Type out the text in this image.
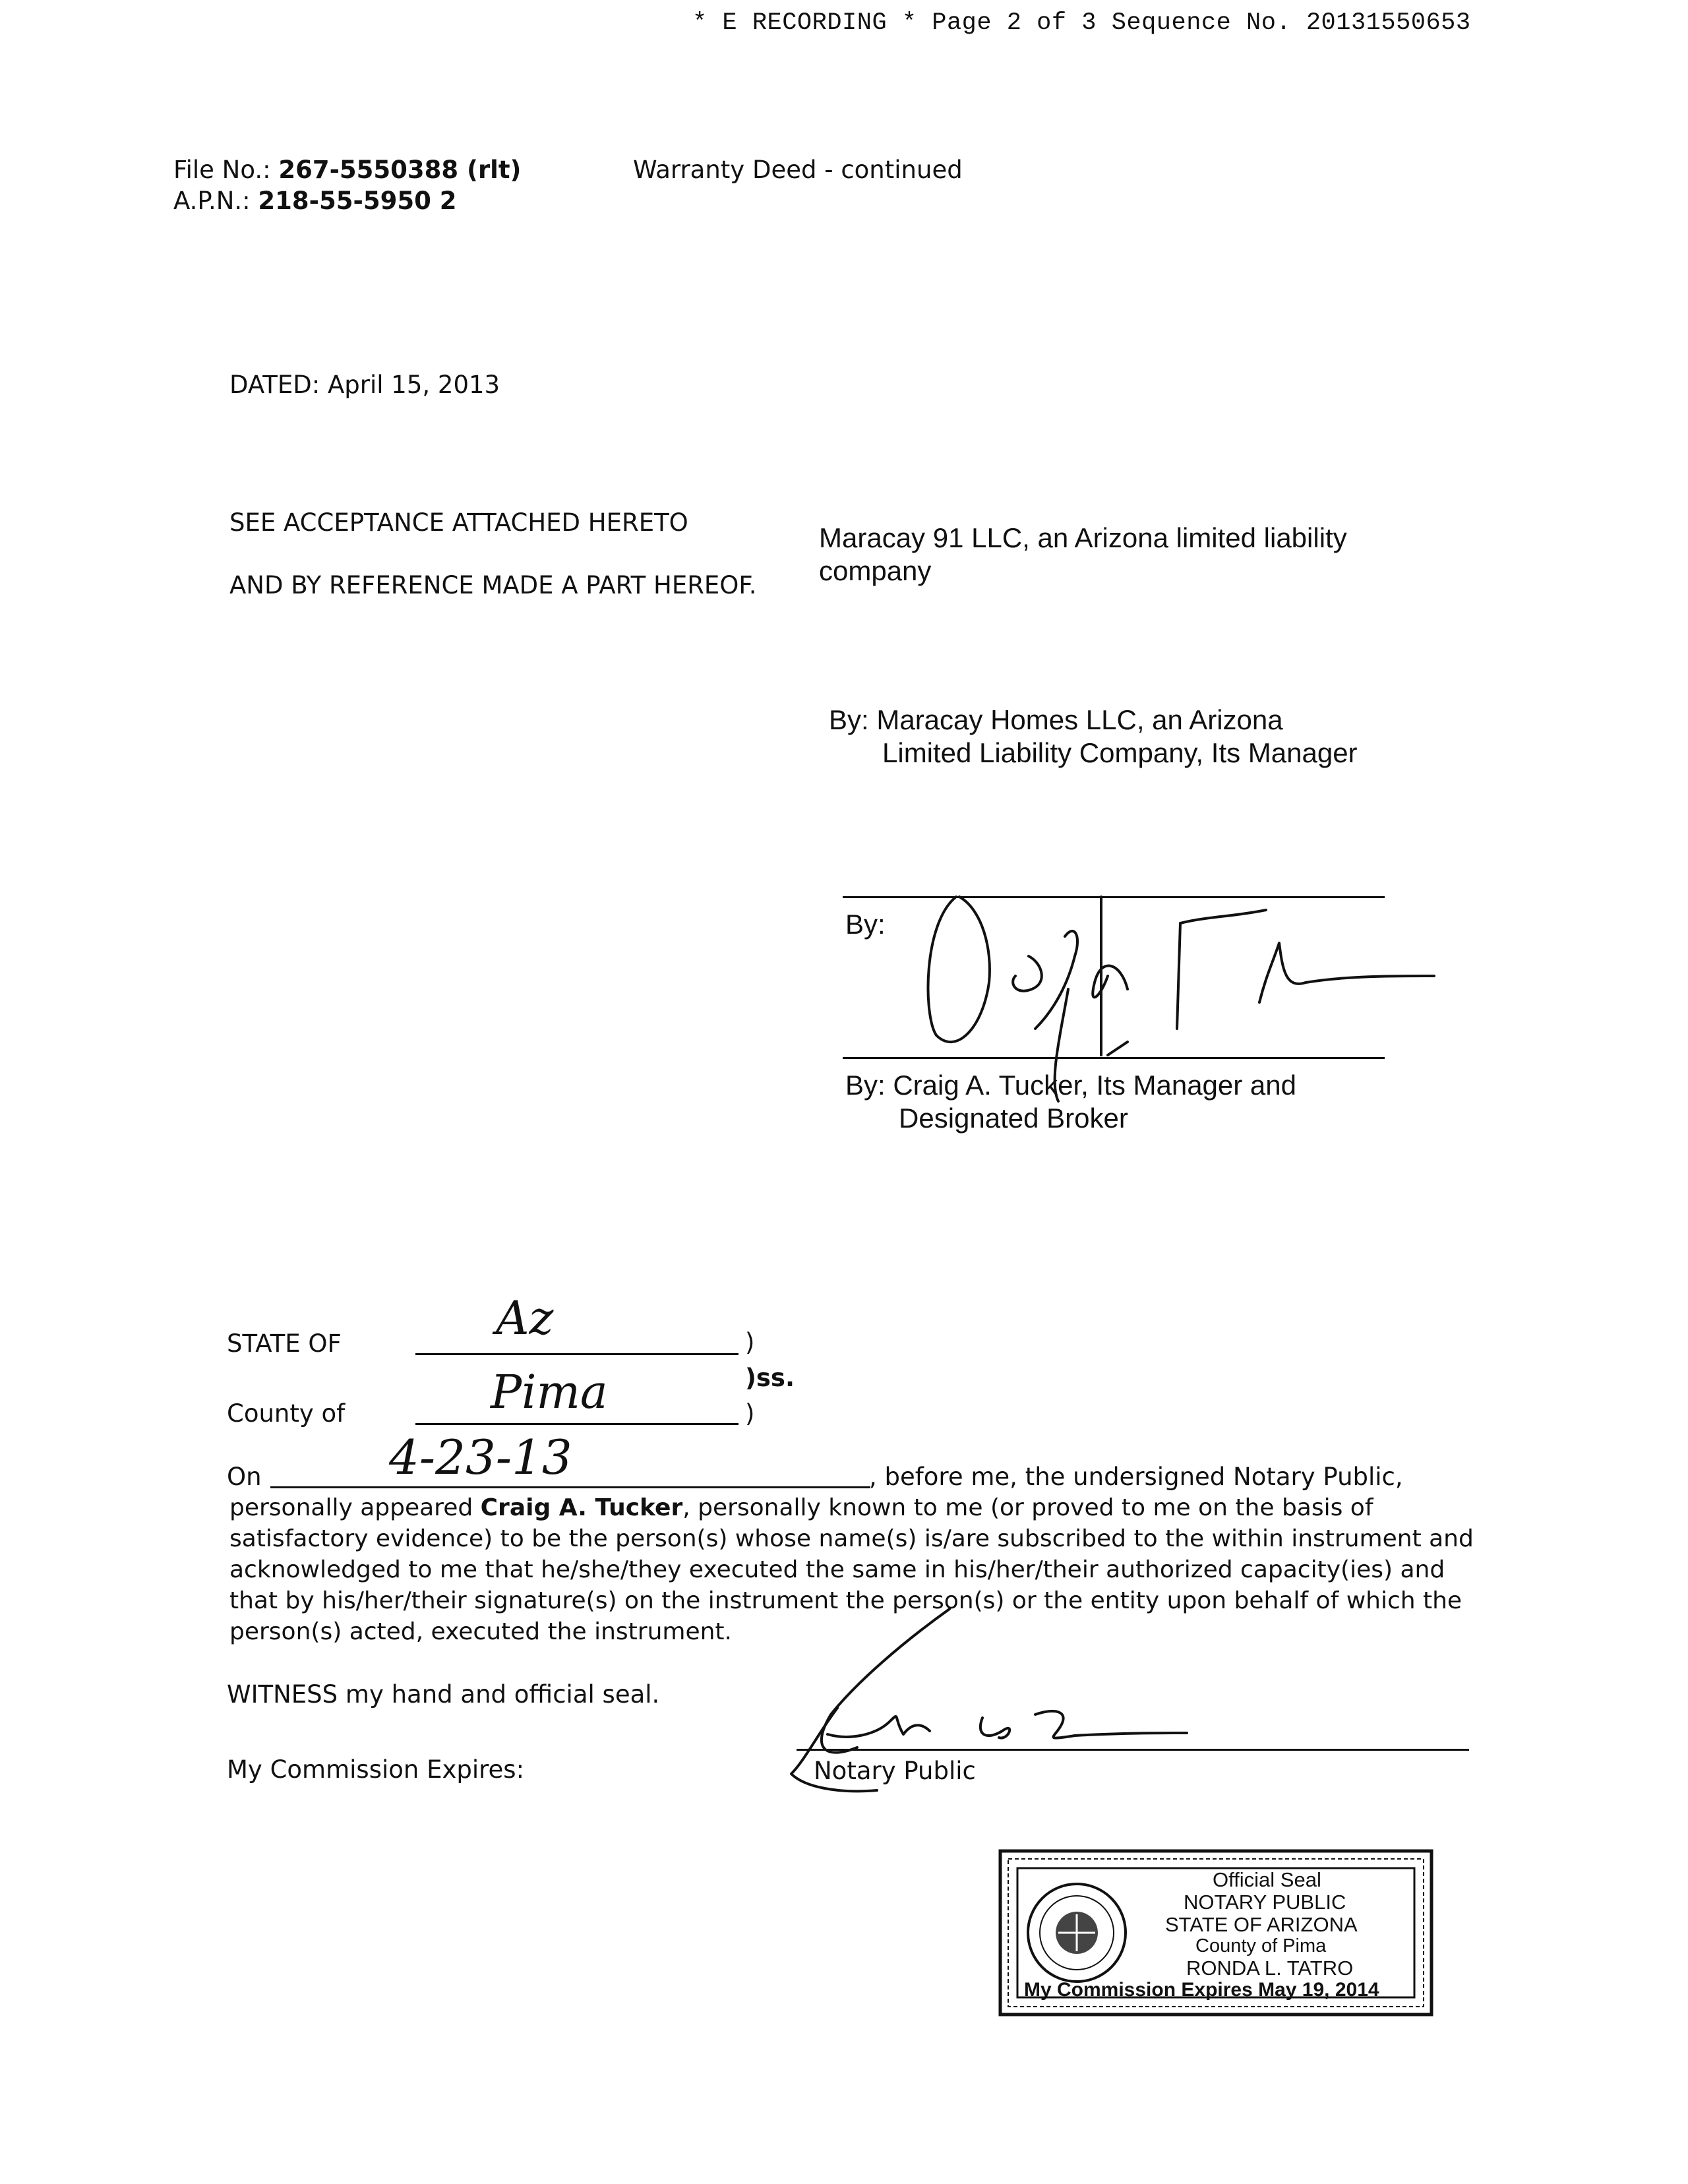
* E RECORDING * Page 2 of 3 Sequence No. 20131550653
File No.: 267-5550388 (rlt)
A.P.N.: 218-55-5950 2
Warranty Deed - continued
DATED: April 15, 2013
SEE ACCEPTANCE ATTACHED HERETO
AND BY REFERENCE MADE A PART HEREOF.
Maracay 91 LLC, an Arizona limited liability
company
By: Maracay Homes LLC, an Arizona
Limited Liability Company, Its Manager
By:
By: Craig A. Tucker, Its Manager and
Designated Broker
STATE OF	Az	)
)ss.
County of	Pima	)
On	4-23-13	, before me, the undersigned Notary Public,
personally appeared Craig A. Tucker, personally known to me (or proved to me on the basis of
satisfactory evidence) to be the person(s) whose name(s) is/are subscribed to the within instrument and
acknowledged to me that he/she/they executed the same in his/her/their authorized capacity(ies) and
that by his/her/their signature(s) on the instrument the person(s) or the entity upon behalf of which the
person(s) acted, executed the instrument.
WITNESS my hand and official seal.
My Commission Expires:	Notary Public
Official Seal
NOTARY PUBLIC
STATE OF ARIZONA
County of Pima
RONDA L. TATRO
My Commission Expires May 19, 2014
